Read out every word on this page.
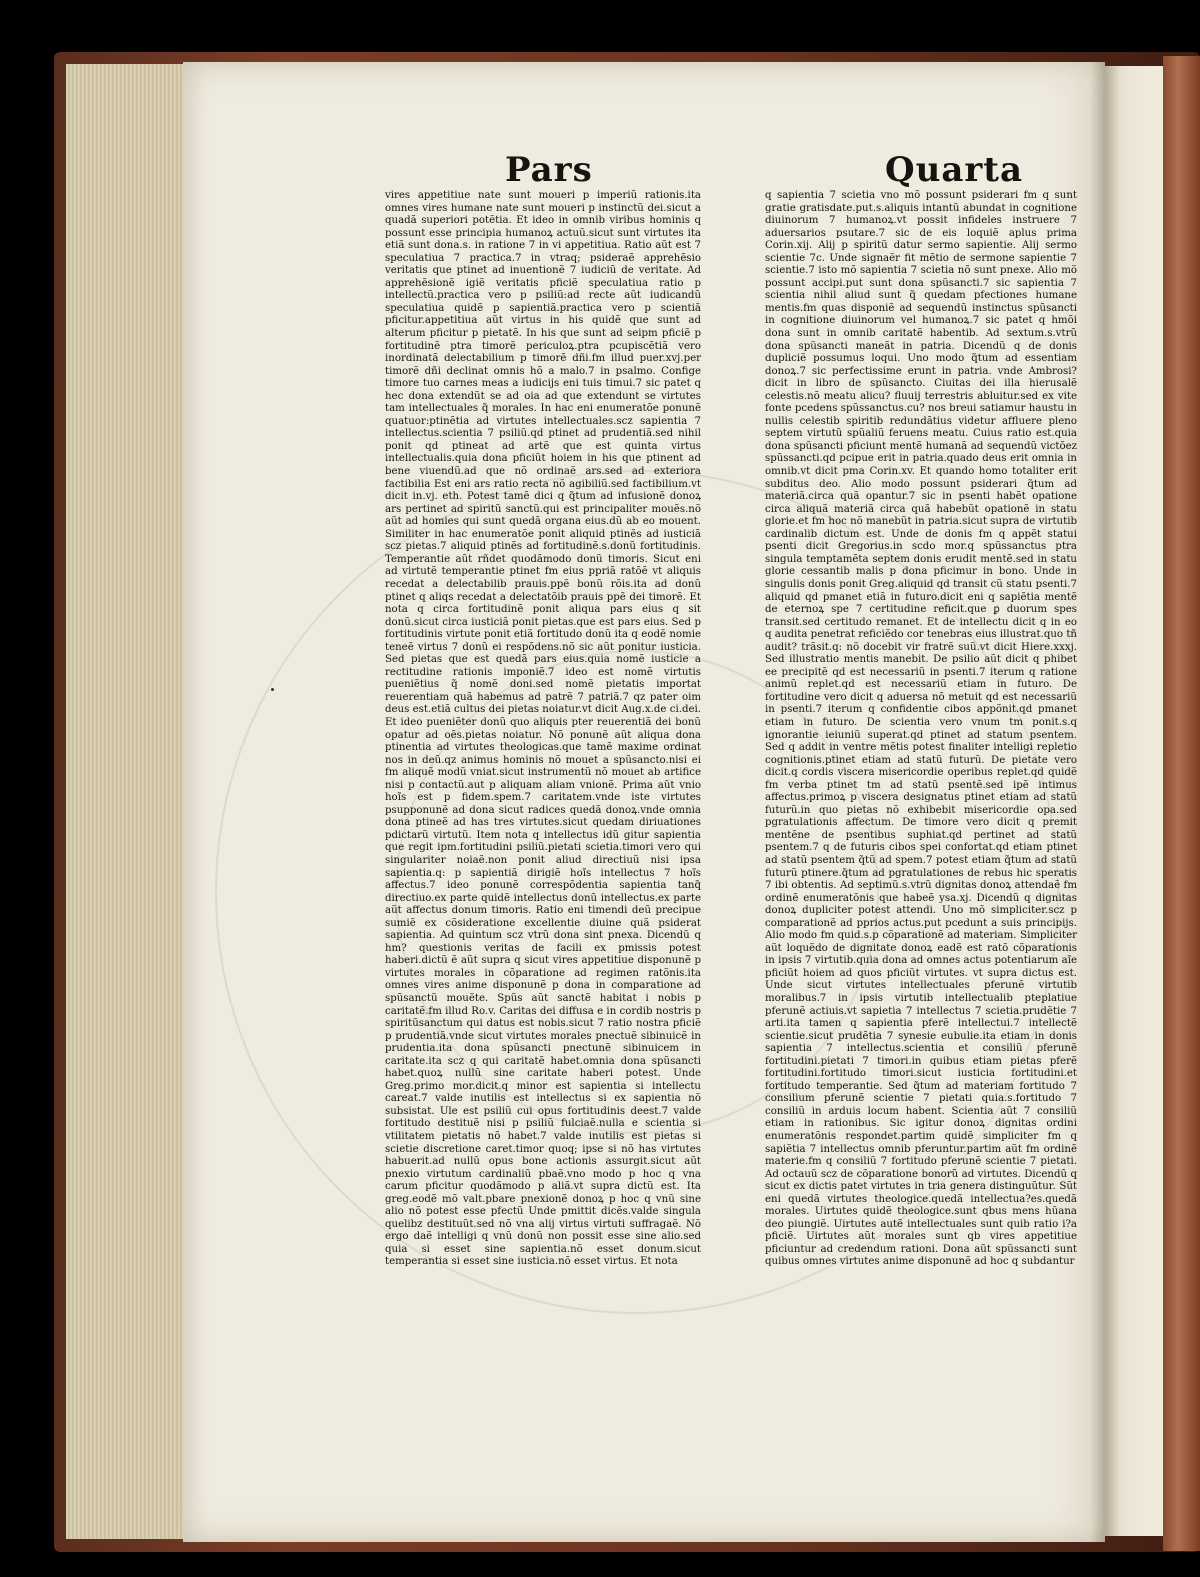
Pars	Quarta

vires appetitiue nate sunt moueri p imperiũ rationis.ita omnes vires humane nate sunt moueri p instinctũ dei.sicut a quadã superiori potẽtia. Et ideo in omnib viribus hominis q possunt esse principia humanoꝝ actuũ.sicut sunt virtutes ita etiã sunt dona.s. in ratione 7 in vi appetitiua. Ratio aũt est 7 speculatiua 7 practica.7 in vtraq; psideraẽ apprehẽsio veritatis que ptinet ad inuentionẽ 7 iudiciũ de veritate. Ad apprehẽsionẽ igiẽ veritatis pficiẽ speculatiua ratio p intellectũ.practica vero p psiliũ:ad recte aũt iudicandũ speculatiua quidẽ p sapientiã.practica vero p scientiã pficitur.appetitiua aũt virtus in his quidẽ que sunt ad alterum pficitur p pietatẽ. In his que sunt ad seipm pficiẽ p fortitudinẽ ptra timorẽ periculoꝝ.ptra pcupiscẽtiã vero inordinatã delectabilium p timorẽ dñi.fm illud puer.xvj.per timorẽ dñi declinat omnis hõ a malo.7 in psalmo. Confige timore tuo carnes meas a iudicijs eni tuis timui.7 sic patet q hec dona extendũt se ad oia ad que extendunt se virtutes tam intellectuales q̃ morales. In hac eni enumeratõe ponunẽ quatuor:ptinẽtia ad virtutes intellectuales.scz sapientia 7 intellectus.scientia 7 psiliũ.qd ptinet ad prudentiã.sed nihil ponit qd ptineat ad artẽ que est quinta virtus intellectualis.quia dona pficiũt hoiem in his que ptinent ad bene viuendũ.ad que nõ ordinaẽ ars.sed ad exteriora factibilia Est eni ars ratio recta nõ agibiliũ.sed factibilium.vt dicit in.vj. eth. Potest tamẽ dici q q̃tum ad infusionẽ donoꝝ ars pertinet ad spiritũ sanctũ.qui est principaliter mouẽs.nõ aũt ad homies qui sunt quedã organa eius.dũ ab eo mouent. Similiter in hac enumeratõe ponit aliquid ptinẽs ad iusticiã scz pietas.7 aliquid ptinẽs ad fortitudinẽ.s.donũ fortitudinis. Temperantie aũt rñdet quodãmodo donũ timoris. Sicut eni ad virtutẽ temperantie ptinet fm eius ppriã ratõẽ vt aliquis recedat a delectabilib prauis.ppẽ bonũ rõis.ita ad donũ ptinet q aliqs recedat a delectatõib prauis ppẽ dei timorẽ. Et nota q circa fortitudinẽ ponit aliqua pars eius q sit donũ.sicut circa iusticiã ponit pietas.que est pars eius. Sed p fortitudinis virtute ponit etiã fortitudo donũ ita q eodẽ nomie teneẽ virtus 7 donũ ei respõdens.nõ sic aũt ponitur iusticia. Sed pietas que est quedã pars eius.quia nomẽ iusticie a rectitudine rationis imponiẽ.7 ideo est nomẽ virtutis pueniẽtius q̃ nomẽ doni.sed nomẽ pietatis importat reuerentiam quã habemus ad patrẽ 7 patriã.7 qz pater oim deus est.etiã cultus dei pietas noiatur.vt dicit Aug.x.de ci.dei. Et ideo pueniẽter donũ quo aliquis pter reuerentiã dei bonũ opatur ad oẽs.pietas noiatur. Nõ ponunẽ aũt aliqua dona ptinentia ad virtutes theologicas.que tamẽ maxime ordinat nos in deũ.qz animus hominis nõ mouet a spũsancto.nisi ei fm aliquẽ modũ vniat.sicut instrumentũ nõ mouet ab artifice nisi p contactũ.aut p aliquam aliam vnionẽ. Prima aũt vnio hoĩs est p fidem.spem.7 caritatem.vnde iste virtutes psupponunẽ ad dona sicut radices quedã donoꝝ.vnde omnia dona ptineẽ ad has tres virtutes.sicut quedam diriuationes pdictarũ virtutũ. Item nota q intellectus idũ gitur sapientia que regit ipm.fortitudini psiliũ.pietati scietia.timori vero qui singulariter noiaẽ.non ponit aliud directiuũ nisi ipsa sapientia.q: p sapientiã dirigiẽ hoĩs intellectus 7 hoĩs affectus.7 ideo ponunẽ correspõdentia sapientia tanq̃ directiuo.ex parte quidẽ intellectus donũ intellectus.ex parte aũt affectus donum timoris. Ratio eni timendi deũ precipue sumiẽ ex cõsideratione excellentie diuine quã psiderat sapientia. Ad quintum scz vtrũ dona sint pnexa. Dicendũ q hm? questionis veritas de facili ex pmissis potest haberi.dictũ ẽ aũt supra q sicut vires appetitiue disponunẽ p virtutes morales in cõparatione ad regimen ratõnis.ita omnes vires anime disponunẽ p dona in comparatione ad spũsanctũ mouẽte. Spũs aũt sanctẽ habitat i nobis p caritatẽ.fm illud Ro.v. Caritas dei diffusa e in cordib nostris p spiritũsanctum qui datus est nobis.sicut 7 ratio nostra pficiẽ p prudentiã.vnde sicut virtutes morales pnectuẽ sibinuicẽ in prudentia.ita dona spũsancti pnectunẽ sibinuicem in caritate.ita scz q qui caritatẽ habet.omnia dona spũsancti habet.quoꝝ nullũ sine caritate haberi potest. Unde Greg.primo mor.dicit.q minor est sapientia si intellectu careat.7 valde inutilis est intellectus si ex sapientia nõ subsistat. Ule est psiliũ cui opus fortitudinis deest.7 valde fortitudo destituẽ nisi p psiliũ fulciaẽ.nulla e scientia si vtilitatem pietatis nõ habet.7 valde inutilis est pietas si scietie discretione caret.timor quoq; ipse si nõ has virtutes habuerit.ad nullũ opus bone actionis assurgit.sicut aũt pnexio virtutum cardinaliũ pbaẽ.vno modo p hoc q vna carum pficitur quodãmodo p aliã.vt supra dictũ est. Ita greg.eodẽ mõ valt.pbare pnexionẽ donoꝝ p hoc q vnũ sine alio nõ potest esse pfectũ Unde pmittit dicẽs.valde singula quelibz destituũt.sed nõ vna alij virtus virtuti suffragaẽ. Nõ ergo daẽ intelligi q vnũ donũ non possit esse sine alio.sed quia si esset sine sapientia.nõ esset donum.sicut temperantia si esset sine iusticia.nõ esset virtus. Et nota

q sapientia 7 scietia vno mõ possunt psiderari fm q sunt gratie gratisdate.put.s.aliquis intantũ abundat in cognitione diuinorum 7 humanoꝝ.vt possit infideles instruere 7 aduersarios psutare.7 sic de eis loquiẽ aplus prima Corin.xij. Alij p spiritũ datur sermo sapientie. Alij sermo scientie 7c. Unde signaẽr fit mẽtio de sermone sapientie 7 scientie.7 isto mõ sapientia 7 scietia nõ sunt pnexe. Alio mõ possunt accipi.put sunt dona spũsancti.7 sic sapientia 7 scientia nihil aliud sunt q̃ quedam pfectiones humane mentis.fm quas disponiẽ ad sequendũ instinctus spũsancti in cognitione diuinorum vel humanoꝝ.7 sic patet q hmõi dona sunt in omnib caritatẽ habentib. Ad sextum.s.vtrũ dona spũsancti maneãt in patria. Dicendũ q de donis dupliciẽ possumus loqui. Uno modo q̃tum ad essentiam donoꝝ.7 sic perfectissime erunt in patria. vnde Ambrosi? dicit in libro de spũsancto. Ciuitas dei illa hierusalẽ celestis.nõ meatu alicu? fluuij terrestris abluitur.sed ex vite fonte pcedens spũssanctus.cu? nos breui satiamur haustu in nullis celestib spiritib redundãtius videtur affluere pleno septem virtutũ spũaliũ feruens meatu. Cuius ratio est.quia dona spũsancti pficiunt mentẽ humanã ad sequendũ victõez spũssancti.qd pcipue erit in patria.quado deus erit omnia in omnib.vt dicit pma Corin.xv. Et quando homo totaliter erit subditus deo. Alio modo possunt psiderari q̃tum ad materiã.circa quã opantur.7 sic in psenti habẽt opatione circa aliquã materiã circa quã habebũt opationẽ in statu glorie.et fm hoc nõ manebũt in patria.sicut supra de virtutib cardinalib dictum est. Unde de donis fm q appẽt statui psenti dicit Gregorius.in scdo mor.q spũssanctus ptra singula temptamẽta septem donis erudit mentẽ.sed in statu glorie cessantib malis p dona pficimur in bono. Unde in singulis donis ponit Greg.aliquid qd transit cũ statu psenti.7 aliquid qd pmanet etiã in futuro.dicit eni q sapiẽtia mentẽ de eternoꝝ spe 7 certitudine reficit.que ꝑ duorum spes transit.sed certitudo remanet. Et de intellectu dicit q in eo q audita penetrat reficiẽdo cor tenebras eius illustrat.quo tñ audit? trãsit.q: nõ docebit vir fratrẽ suũ.vt dicit Hiere.xxxj. Sed illustratio mentis manebit. De psilio aũt dicit q phibet ee precipitẽ qd est necessariũ in psenti.7 iterum q ratione animũ replet.qd est necessariũ etiam in futuro. De fortitudine vero dicit q aduersa nõ metuit qd est necessariũ in psenti.7 iterum q confidentie cibos appõnit.qd pmanet etiam in futuro. De scientia vero vnum tm ponit.s.q ignorantie ieiuniũ superat.qd ptinet ad statum psentem. Sed q addit in ventre mẽtis potest finaliter intelligi repletio cognitionis.ptinet etiam ad statũ futurũ. De pietate vero dicit.q cordis viscera misericordie operibus replet.qd quidẽ fm verba ptinet tm ad statũ psentẽ.sed ipẽ intimus affectus.primoꝝ p viscera designatus ptinet etiam ad statũ futurũ.in quo pietas nõ exhibebit misericordie opa.sed pgratulationis affectum. De timore vero dicit q premit mentẽne de psentibus suphiat.qd pertinet ad statũ psentem.7 q de futuris cibos spei confortat.qd etiam ptinet ad statũ psentem q̃tũ ad spem.7 potest etiam q̃tum ad statũ futurũ ptinere.q̃tum ad pgratulationes de rebus hic speratis 7 ibi obtentis. Ad septimũ.s.vtrũ dignitas donoꝝ attendaẽ fm ordinẽ enumeratõnis que habeẽ ysa.xj. Dicendũ q dignitas donoꝝ dupliciter potest attendi. Uno mõ simpliciter.scz p comparationẽ ad pprios actus.put pcedunt a suis principijs. Alio modo fm quid.s.p cõparationẽ ad materiam. Simpliciter aũt loquẽdo de dignitate donoꝝ eadẽ est ratõ cõparationis in ipsis 7 virtutib.quia dona ad omnes actus potentiarum aĩe pficiũt hoiem ad quos pficiũt virtutes. vt supra dictus est. Unde sicut virtutes intellectuales pferunẽ virtutib moralibus.7 in ipsis virtutib intellectualib pteplatiue pferunẽ actiuis.vt sapietia 7 intellectus 7 scietia.prudẽtie 7 arti.ita tamen q sapientia pferẽ intellectui.7 intellectẽ scientie.sicut prudẽtia 7 synesie eubulie.ita etiam in donis sapientia 7 intellectus.scientia et consiliũ pferunẽ fortitudini.pietati 7 timori.in quibus etiam pietas pferẽ fortitudini.fortitudo timori.sicut iusticia fortitudini.et fortitudo temperantie. Sed q̃tum ad materiam fortitudo 7 consilium pferunẽ scientie 7 pietati quia.s.fortitudo 7 consiliũ in arduis locum habent. Scientia aũt 7 consiliũ etiam in rationibus. Sic igitur donoꝝ dignitas ordini enumeratõnis respondet.partim quidẽ simpliciter fm q sapiẽtia 7 intellectus omnib pferuntur.partim aũt fm ordinẽ materie.fm q consiliũ 7 fortitudo pferunẽ scientie 7 pietati. Ad octauũ scz de cõparatione bonorũ ad virtutes. Dicendũ q sicut ex dictis patet virtutes in tria genera distinguũtur. Sũt eni quedã virtutes theologice.quedã intellectua?es.quedã morales. Uirtutes quidẽ theologice.sunt qbus mens hũana deo piungiẽ. Uirtutes autẽ intellectuales sunt quib ratio i?a pficiẽ. Uirtutes aũt morales sunt qb vires appetitiue pficiuntur ad credendum rationi. Dona aũt spũssancti sunt quibus omnes virtutes anime disponunẽ ad hoc q subdantur
